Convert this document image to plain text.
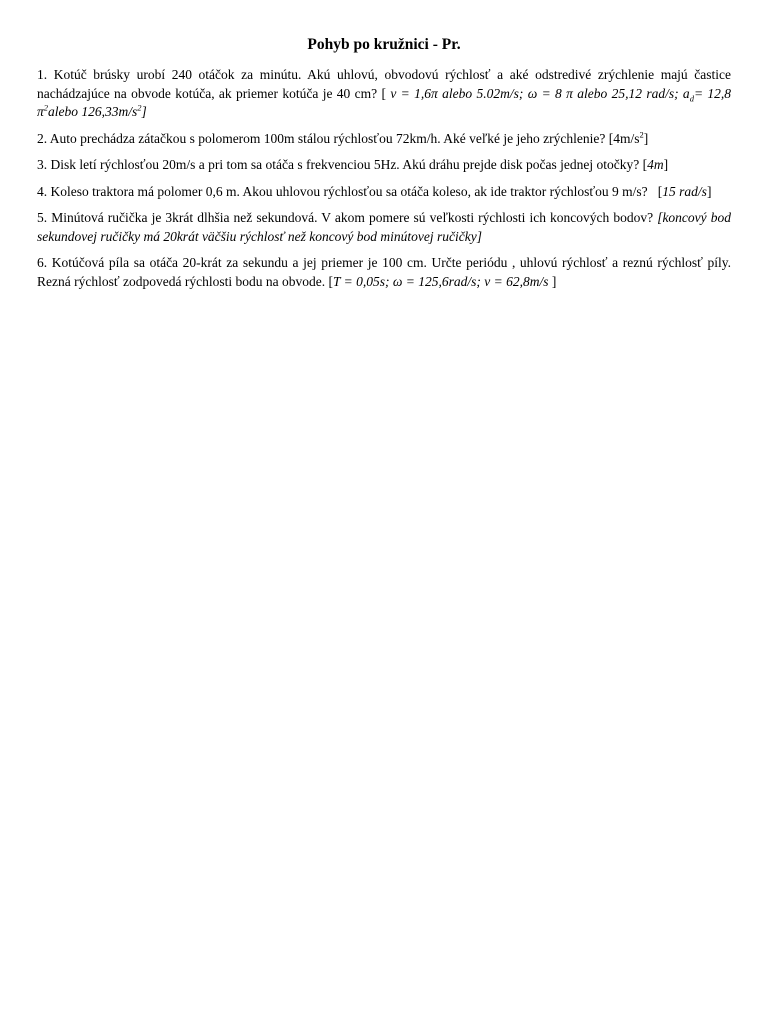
Pohyb po kružnici - Pr.

1. Kotúč brúsky urobí 240 otáčok za minútu. Akú uhlovú, obvodovú rýchlosť a aké odstredivé zrýchlenie majú častice nachádzajúce na obvode kotúča, ak priemer kotúča je 40 cm? [ v = 1,6π alebo 5.02m/s; ω = 8 π alebo 25,12 rad/s; $a_d= 12,8$ $\pi^2alebo$ $126,33m/s^2$]

2. Auto prechádza zátačkou s polomerom 100m stálou rýchlosťou 72km/h. Aké veľké je jeho zrýchlenie? $[4m/s^2]$

3. Disk letí rýchlosťou 20m/s a pri tom sa otáča s frekvenciou 5Hz. Akú dráhu prejde disk počas jednej otočky? [4m]

4. Koleso traktora má polomer 0,6 m. Akou uhlovou rýchlosťou sa otáča koleso, ak ide traktor rýchlosťou 9 m/s? [15 rad/s]

5. Minútová ručička je 3krát dlhšia než sekundová. V akom pomere sú veľkosti rýchlosti ich koncových bodov? [koncový bod sekundovej ručičky má 20krát väčšiu rýchlosť než koncový bod minútovej ručičky]

6. Kotúčová píla sa otáča 20-krát za sekundu a jej priemer je 100 cm. Určte periódu , uhlovú rýchlosť a reznú rýchlosť píly. Rezná rýchlosť zodpovedá rýchlosti bodu na obvode. [T = 0,05s; ω = 125,6rad/s; v = 62,8m/s ]
